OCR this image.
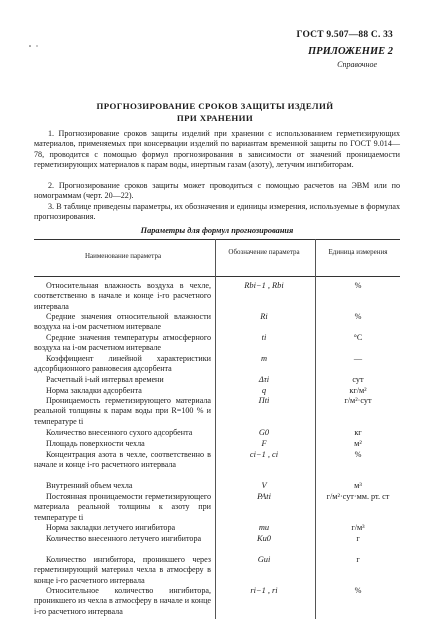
ГОСТ 9.507—88 С. 33
ПРИЛОЖЕНИЕ 2
Справочное
ПРОГНОЗИРОВАНИЕ СРОКОВ ЗАЩИТЫ ИЗДЕЛИЙ
ПРИ ХРАНЕНИИ
1. Прогнозирование сроков защиты изделий при хранении с использованием герметизирующих материалов, применяемых при консервации изделий по вариантам временной защиты по ГОСТ 9.014—78, проводится с помощью формул прогнозирования в зависимости от значений проницаемости герметизирующих материалов к парам воды, инертным газам (азоту), летучим ингибиторам.
2. Прогнозирование сроков защиты может проводиться с помощью расчетов на ЭВМ или по номограммам (черт. 20—22).
3. В таблице приведены параметры, их обозначения и единицы измерения, используемые в формулах прогнозирования.
Параметры для формул прогнозирования
Наименование параметра	Обозначение параметра	Единица измерения
Относительная влажность воздуха в чехле, соответственно в начале и конце i-го расчетного интервала
Rbi−1 , Rbi	%
Средние значения относительной влажности воздуха на i-ом расчетном интервале
Ri	%
Средние значения температуры атмосферного воздуха на i-ом расчетном интервале
ti	°C
Коэффициент линейной характеристики адсорбционного равновесия адсорбента
m	—
Расчетный i-ый интервал времени	Δτi	сут
Норма закладки адсорбента	q	кг/м²
Проницаемость герметизирующего материала реальной толщины к парам воды при R=100 % и температуре ti
Пti	г/м²·сут
Количество внесенного сухого адсорбента	G0	кг
Площадь поверхности чехла	F	м²
Концентрация азота в чехле, соответственно в начале и конце i-го расчетного интервала
ci−1 , ci	%
Внутренний объем чехла	V	м³
Постоянная проницаемости герметизирующего материала реальной толщины к азоту при температуре ti
PAti	г/м²·сут·мм. рт. ст
Норма закладки летучего ингибитора	mи	г/м³
Количество внесенного летучего ингибитора	Kи0	г
Количество ингибитора, проникшего через герметизирующий материал чехла в атмосферу в конце i-го расчетного интервала
Gиi	г
Относительное количество ингибитора, проникшего из чехла в атмосферу в начале и конце i-го расчетного интервала
ri−1 , ri	%
